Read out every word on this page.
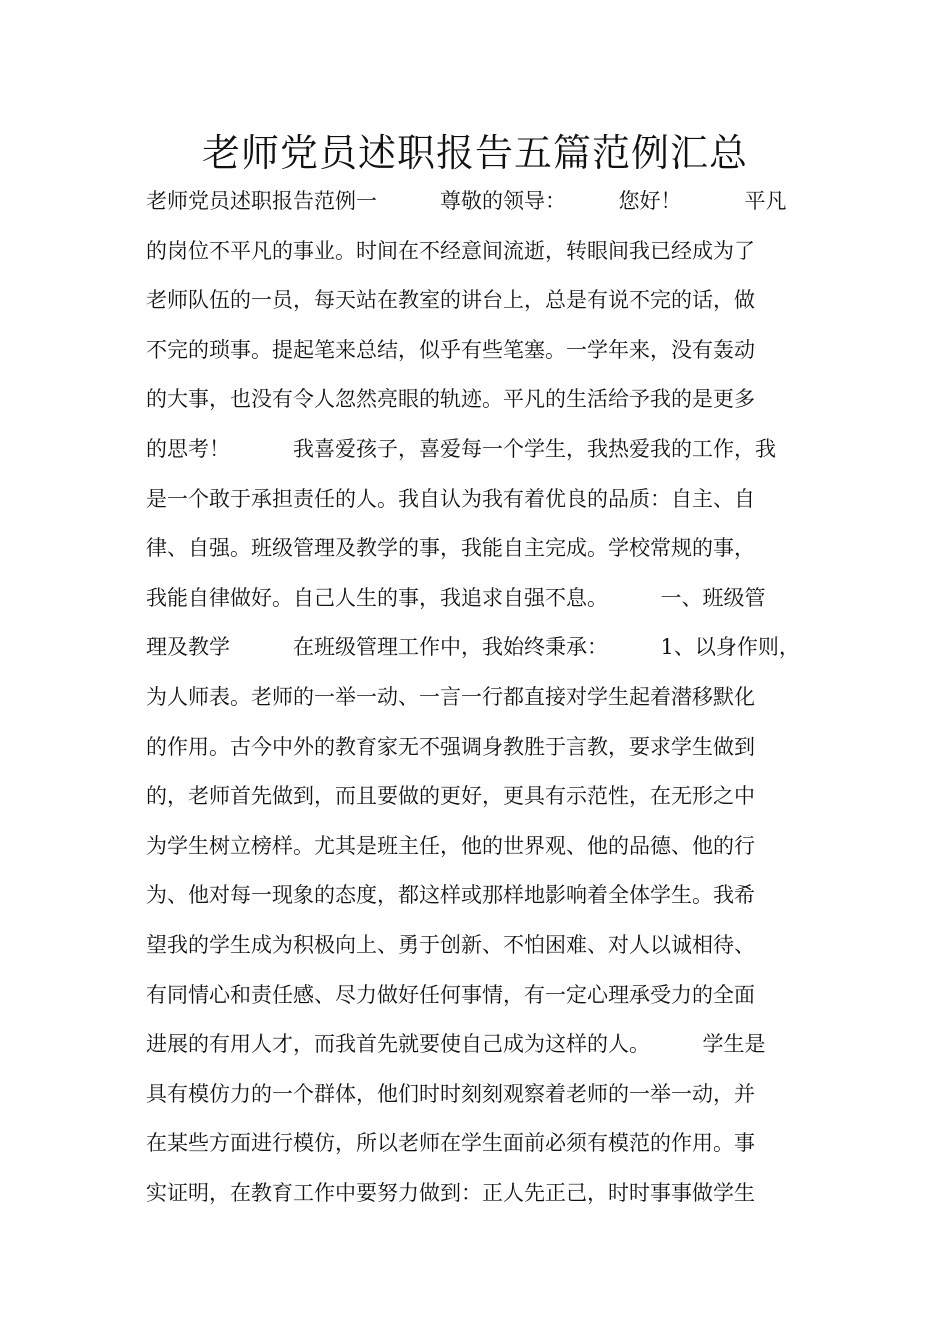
老师党员述职报告五篇范例汇总
老师党员述职报告范例一　　　尊敬的领导：　　　您好！　　　平凡
的岗位不平凡的事业。时间在不经意间流逝，转眼间我已经成为了
老师队伍的一员，每天站在教室的讲台上，总是有说不完的话，做
不完的琐事。提起笔来总结，似乎有些笔塞。一学年来，没有轰动
的大事，也没有令人忽然亮眼的轨迹。平凡的生活给予我的是更多
的思考！　　　我喜爱孩子，喜爱每一个学生，我热爱我的工作，我
是一个敢于承担责任的人。我自认为我有着优良的品质：自主、自
律、自强。班级管理及教学的事，我能自主完成。学校常规的事，
我能自律做好。自己人生的事，我追求自强不息。　　　一、班级管
理及教学　　　在班级管理工作中，我始终秉承：　　　1、以身作则，
为人师表。老师的一举一动、一言一行都直接对学生起着潜移默化
的作用。古今中外的教育家无不强调身教胜于言教，要求学生做到
的，老师首先做到，而且要做的更好，更具有示范性，在无形之中
为学生树立榜样。尤其是班主任，他的世界观、他的品德、他的行
为、他对每一现象的态度，都这样或那样地影响着全体学生。我希
望我的学生成为积极向上、勇于创新、不怕困难、对人以诚相待、
有同情心和责任感、尽力做好任何事情，有一定心理承受力的全面
进展的有用人才，而我首先就要使自己成为这样的人。　　　学生是
具有模仿力的一个群体，他们时时刻刻观察着老师的一举一动，并
在某些方面进行模仿，所以老师在学生面前必须有模范的作用。事
实证明，在教育工作中要努力做到：正人先正己，时时事事做学生
